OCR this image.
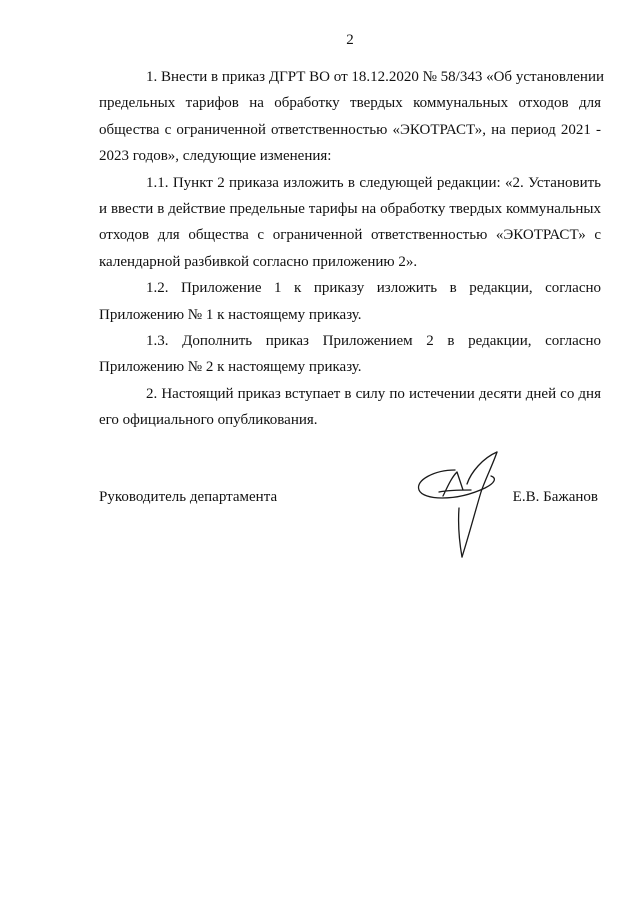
2
1. Внести в приказ ДГРТ ВО от 18.12.2020 № 58/343 «Об установлении
предельных тарифов на обработку твердых коммунальных отходов для
общества с ограниченной ответственностью «ЭКОТРАСТ», на период 2021 -
2023 годов», следующие изменения:
1.1. Пункт 2 приказа изложить в следующей редакции: «2. Установить
и ввести в действие предельные тарифы на обработку твердых коммунальных
отходов для общества с ограниченной ответственностью «ЭКОТРАСТ» с
календарной разбивкой согласно приложению 2».
1.2. Приложение 1 к приказу изложить в редакции, согласно
Приложению № 1 к настоящему приказу.
1.3. Дополнить приказ Приложением 2 в редакции, согласно
Приложению № 2 к настоящему приказу.
2. Настоящий приказ вступает в силу по истечении десяти дней со дня
его официального опубликования.
Руководитель департамента	Е.В. Бажанов
